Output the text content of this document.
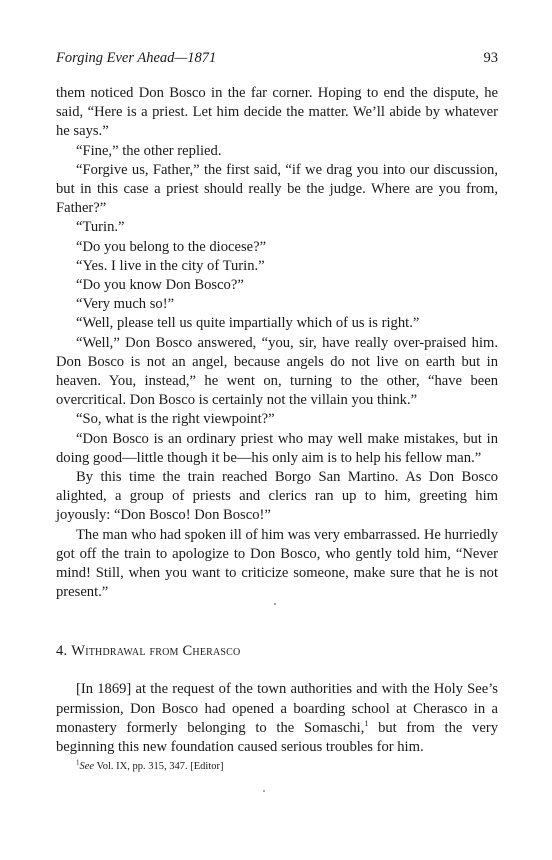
Forging Ever Ahead—1871	93

them noticed Don Bosco in the far corner. Hoping to end the dispute, he said, “Here is a priest. Let him decide the matter. We’ll abide by whatever he says.”

“Fine,” the other replied.

“Forgive us, Father,” the first said, “if we drag you into our discussion, but in this case a priest should really be the judge. Where are you from, Father?”

“Turin.”

“Do you belong to the diocese?”

“Yes. I live in the city of Turin.”

“Do you know Don Bosco?”

“Very much so!”

“Well, please tell us quite impartially which of us is right.”

“Well,” Don Bosco answered, “you, sir, have really over-praised him. Don Bosco is not an angel, because angels do not live on earth but in heaven. You, instead,” he went on, turning to the other, “have been overcritical. Don Bosco is certainly not the villain you think.”

“So, what is the right viewpoint?”

“Don Bosco is an ordinary priest who may well make mistakes, but in doing good—little though it be—his only aim is to help his fellow man.”

By this time the train reached Borgo San Martino. As Don Bosco alighted, a group of priests and clerics ran up to him, greeting him joyously: “Don Bosco! Don Bosco!”

The man who had spoken ill of him was very embarrassed. He hurriedly got off the train to apologize to Don Bosco, who gently told him, “Never mind! Still, when you want to criticize someone, make sure that he is not present.”

4. Withdrawal from Cherasco

[In 1869] at the request of the town authorities and with the Holy See’s permission, Don Bosco had opened a boarding school at Cherasco in a monastery formerly belonging to the Somaschi,$^1$ but from the very beginning this new foundation caused serious troubles for him.

$^1$See Vol. IX, pp. 315, 347. [Editor]
